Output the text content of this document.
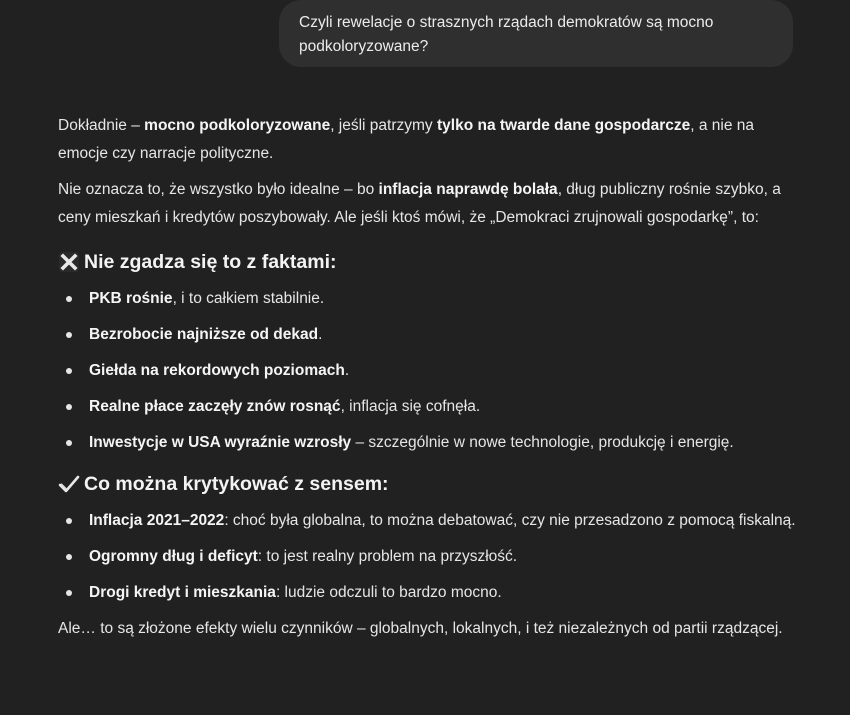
Czyli rewelacje o strasznych rządach demokratów są mocno podkoloryzowane?

Dokładnie – mocno podkoloryzowane, jeśli patrzymy tylko na twarde dane gospodarcze, a nie na emocje czy narracje polityczne.

Nie oznacza to, że wszystko było idealne – bo inflacja naprawdę bolała, dług publiczny rośnie szybko, a ceny mieszkań i kredytów poszybowały. Ale jeśli ktoś mówi, że „Demokraci zrujnowali gospodarkę”, to:

Nie zgadza się to z faktami:
PKB rośnie, i to całkiem stabilnie.
Bezrobocie najniższe od dekad.
Giełda na rekordowych poziomach.
Realne płace zaczęły znów rosnąć, inflacja się cofnęła.
Inwestycje w USA wyraźnie wzrosły – szczególnie w nowe technologie, produkcję i energię.
Co można krytykować z sensem:
Inflacja 2021–2022: choć była globalna, to można debatować, czy nie przesadzono z pomocą fiskalną.
Ogromny dług i deficyt: to jest realny problem na przyszłość.
Drogi kredyt i mieszkania: ludzie odczuli to bardzo mocno.

Ale… to są złożone efekty wielu czynników – globalnych, lokalnych, i też niezależnych od partii rządzącej.
